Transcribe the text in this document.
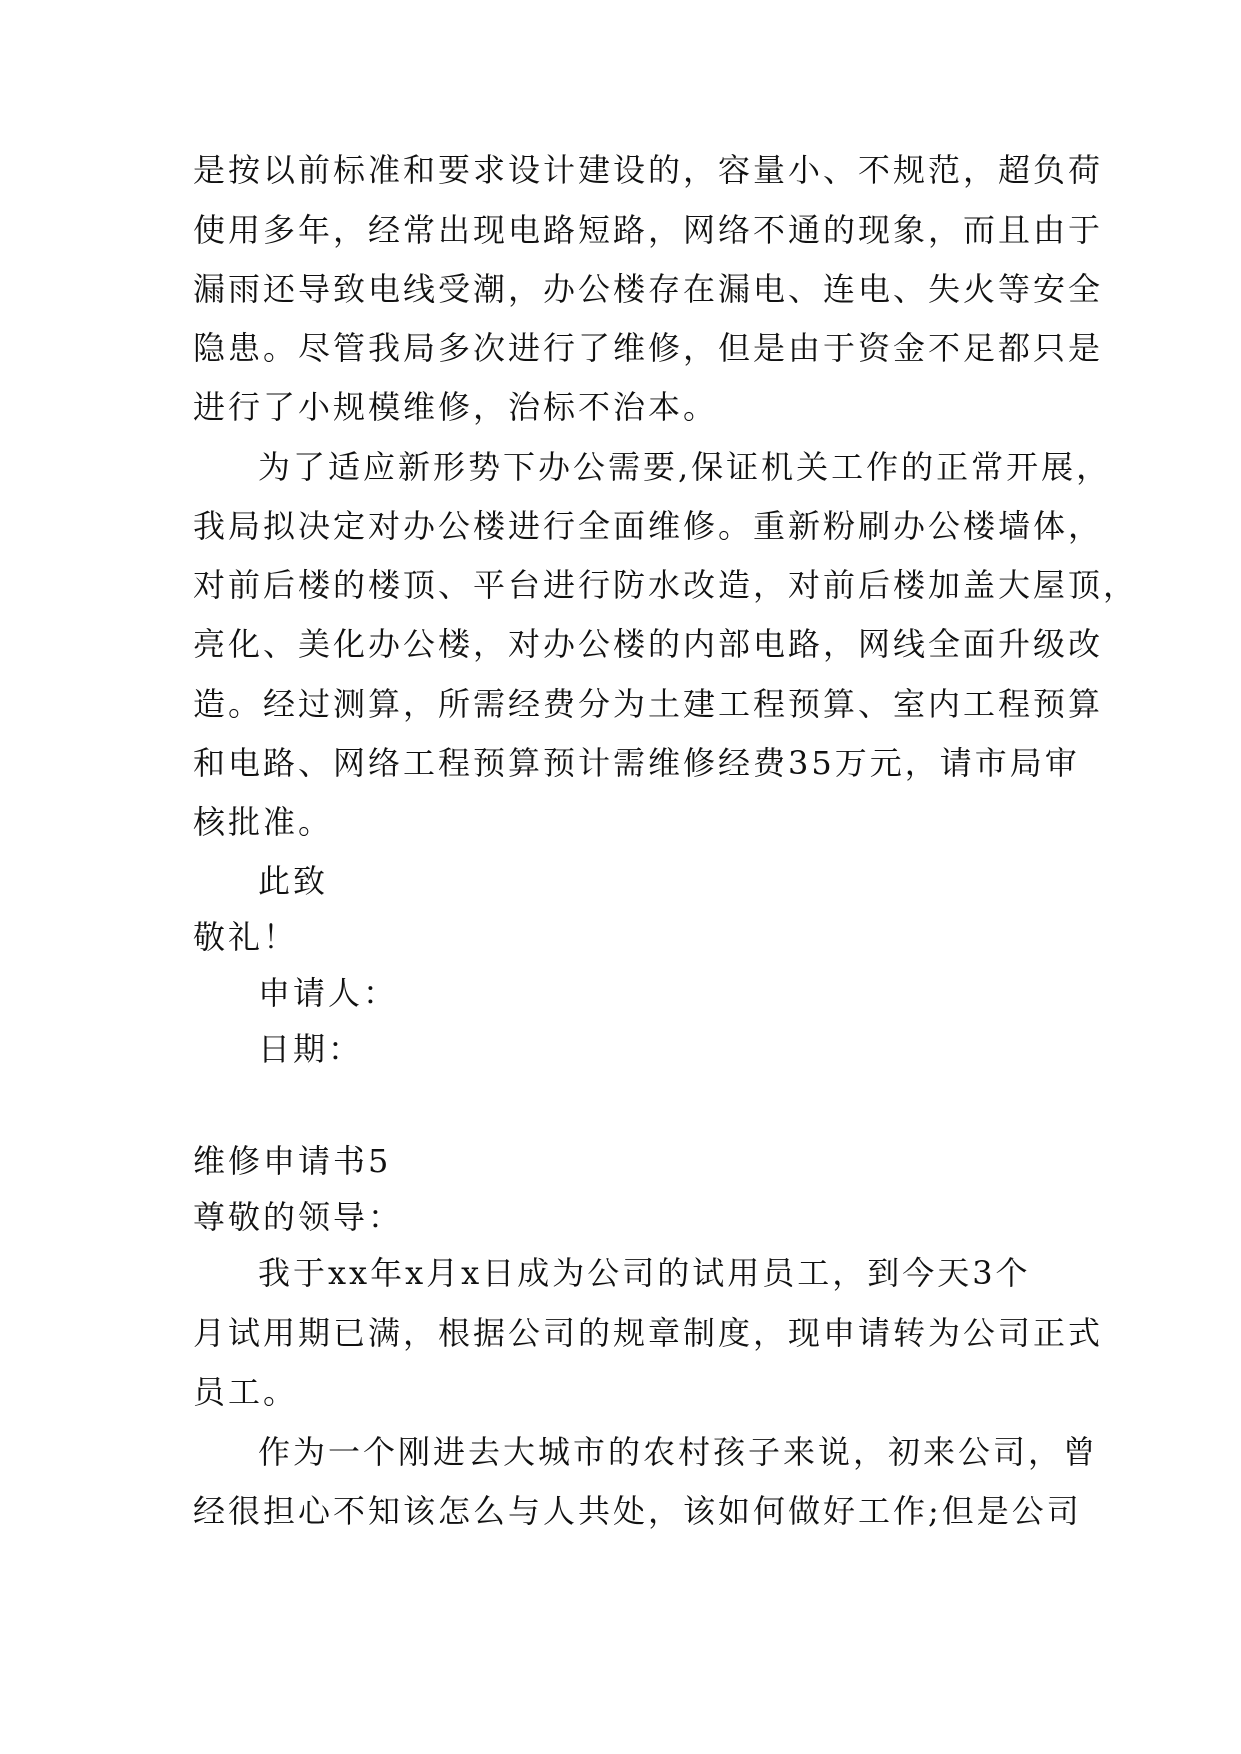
是按以前标准和要求设计建设的，容量小、不规范，超负荷
使用多年，经常出现电路短路，网络不通的现象，而且由于
漏雨还导致电线受潮，办公楼存在漏电、连电、失火等安全
隐患。尽管我局多次进行了维修，但是由于资金不足都只是
进行了小规模维修，治标不治本。
为了适应新形势下办公需要,保证机关工作的正常开展，
我局拟决定对办公楼进行全面维修。重新粉刷办公楼墙体，
对前后楼的楼顶、平台进行防水改造，对前后楼加盖大屋顶，
亮化、美化办公楼，对办公楼的内部电路，网线全面升级改
造。经过测算，所需经费分为土建工程预算、室内工程预算
和电路、网络工程预算预计需维修经费35万元，请市局审
核批准。
此致
敬礼！
申请人：
日期：
维修申请书5
尊敬的领导：
我于xx年x月x日成为公司的试用员工，到今天3个
月试用期已满，根据公司的规章制度，现申请转为公司正式
员工。
作为一个刚进去大城市的农村孩子来说，初来公司，曾
经很担心不知该怎么与人共处，该如何做好工作;但是公司
